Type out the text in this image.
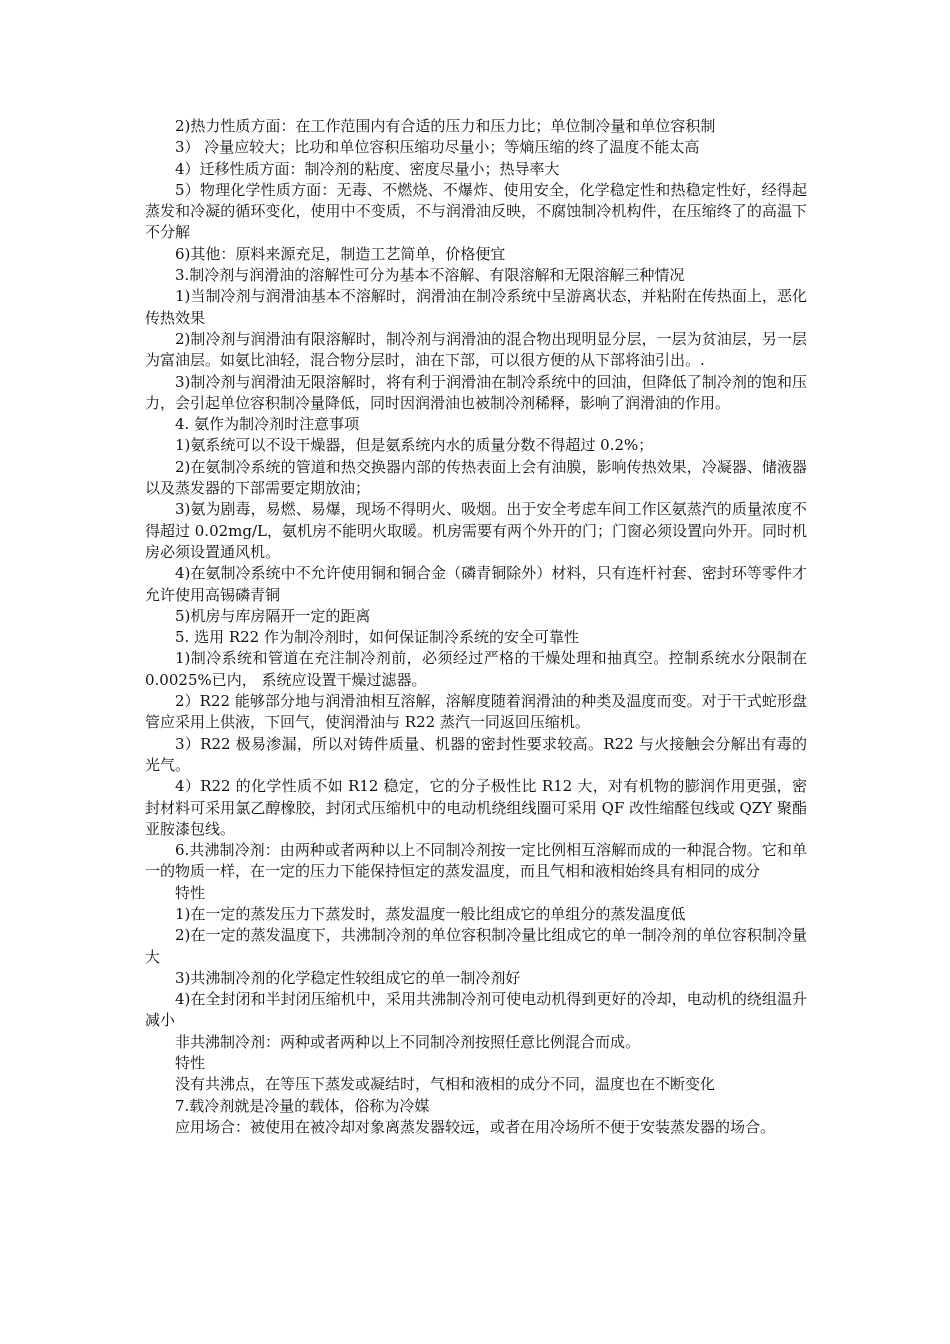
2)热力性质方面：在工作范围内有合适的压力和压力比；单位制冷量和单位容积制

3） 冷量应较大；比功和单位容积压缩功尽量小；等熵压缩的终了温度不能太高

4）迁移性质方面：制冷剂的粘度、密度尽量小；热导率大

5）物理化学性质方面：无毒、不燃烧、不爆炸、使用安全，化学稳定性和热稳定性好，经得起蒸发和冷凝的循环变化，使用中不变质，不与润滑油反映，不腐蚀制冷机构件，在压缩终了的高温下不分解

6)其他：原料来源充足，制造工艺简单，价格便宜

3.制冷剂与润滑油的溶解性可分为基本不溶解、有限溶解和无限溶解三种情况

1)当制冷剂与润滑油基本不溶解时，润滑油在制冷系统中呈游离状态，并粘附在传热面上，恶化传热效果

2)制冷剂与润滑油有限溶解时，制冷剂与润滑油的混合物出现明显分层，一层为贫油层，另一层为富油层。如氨比油轻，混合物分层时，油在下部，可以很方便的从下部将油引出。.

3)制冷剂与润滑油无限溶解时，将有利于润滑油在制冷系统中的回油，但降低了制冷剂的饱和压力，会引起单位容积制冷量降低，同时因润滑油也被制冷剂稀释，影响了润滑油的作用。

4. 氨作为制冷剂时注意事项

1)氨系统可以不设干燥器，但是氨系统内水的质量分数不得超过 0.2%；

2)在氨制冷系统的管道和热交换器内部的传热表面上会有油膜，影响传热效果，冷凝器、储液器以及蒸发器的下部需要定期放油；

3)氨为剧毒，易燃、易爆，现场不得明火、吸烟。出于安全考虑车间工作区氨蒸汽的质量浓度不得超过 0.02mg/L，氨机房不能明火取暖。机房需要有两个外开的门；门窗必须设置向外开。同时机房必须设置通风机。

4)在氨制冷系统中不允许使用铜和铜合金（磷青铜除外）材料，只有连杆衬套、密封环等零件才允许使用高锡磷青铜

5)机房与库房隔开一定的距离

5. 选用 R22 作为制冷剂时，如何保证制冷系统的安全可靠性

1)制冷系统和管道在充注制冷剂前，必须经过严格的干燥处理和抽真空。控制系统水分限制在 0.0025%已内， 系统应设置干燥过滤器。

2）R22 能够部分地与润滑油相互溶解，溶解度随着润滑油的种类及温度而变。对于干式蛇形盘管应采用上供液，下回气，使润滑油与 R22 蒸汽一同返回压缩机。

3）R22 极易渗漏，所以对铸件质量、机器的密封性要求较高。R22 与火接触会分解出有毒的光气。

4）R22 的化学性质不如 R12 稳定，它的分子极性比 R12 大，对有机物的膨润作用更强，密封材料可采用氯乙醇橡胶，封闭式压缩机中的电动机绕组线圈可采用 QF 改性缩醛包线或 QZY 聚酯亚胺漆包线。

6.共沸制冷剂：由两种或者两种以上不同制冷剂按一定比例相互溶解而成的一种混合物。它和单一的物质一样，在一定的压力下能保持恒定的蒸发温度，而且气相和液相始终具有相同的成分

特性

1)在一定的蒸发压力下蒸发时，蒸发温度一般比组成它的单组分的蒸发温度低

2)在一定的蒸发温度下，共沸制冷剂的单位容积制冷量比组成它的单一制冷剂的单位容积制冷量大

3)共沸制冷剂的化学稳定性较组成它的单一制冷剂好

4)在全封闭和半封闭压缩机中，采用共沸制冷剂可使电动机得到更好的冷却，电动机的绕组温升减小

非共沸制冷剂：两种或者两种以上不同制冷剂按照任意比例混合而成。

特性

没有共沸点，在等压下蒸发或凝结时，气相和液相的成分不同，温度也在不断变化

7.载冷剂就是冷量的载体，俗称为冷媒

应用场合：被使用在被冷却对象离蒸发器较远，或者在用冷场所不便于安装蒸发器的场合。
